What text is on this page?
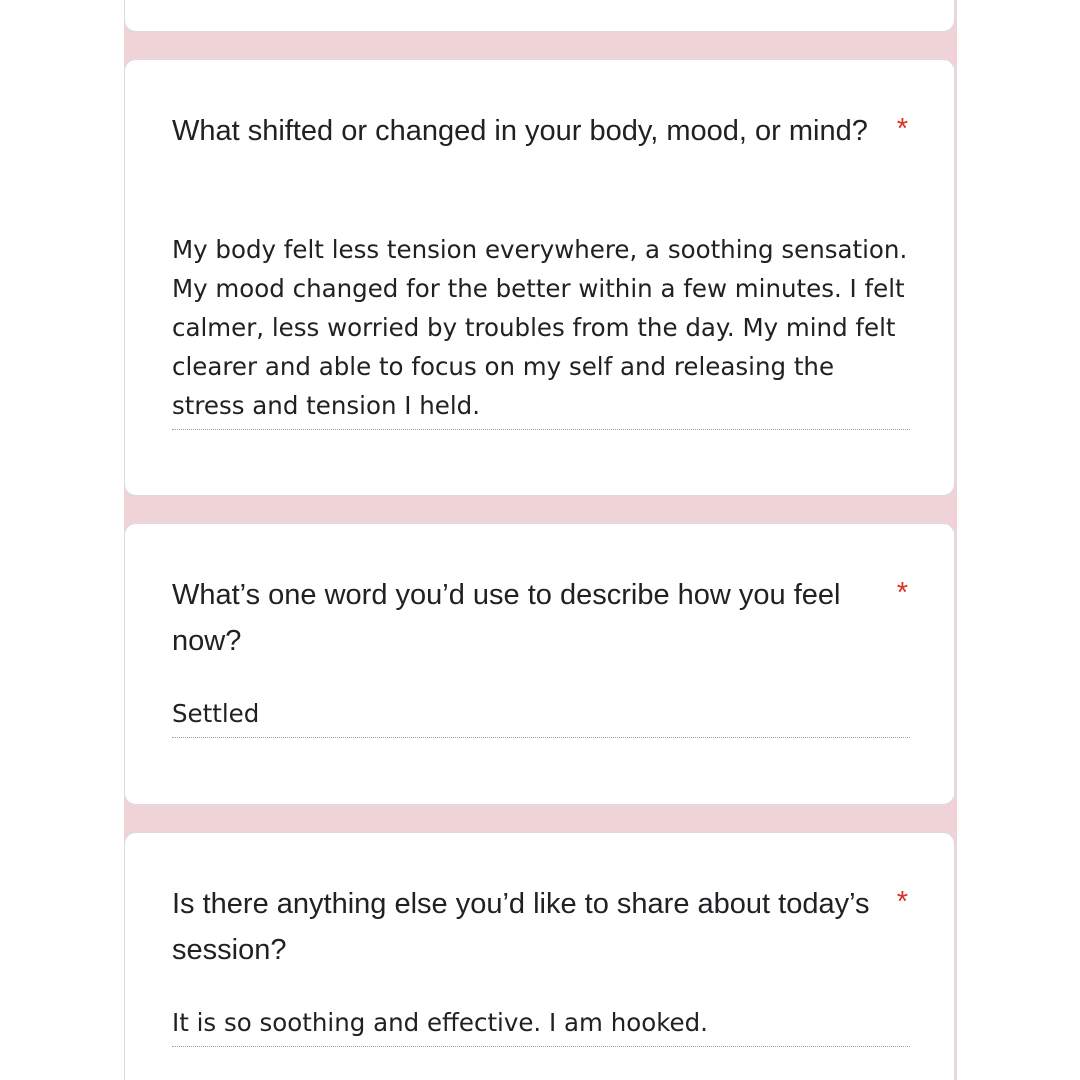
What shifted or changed in your body, mood, or mind? *
My body felt less tension everywhere, a soothing sensation. My mood changed for the better within a few minutes. I felt calmer, less worried by troubles from the day. My mind felt clearer and able to focus on my self and releasing the stress and tension I held.
What’s one word you’d use to describe how you feel now?
*
Settled
Is there anything else you’d like to share about today’s session?
*
It is so soothing and effective. I am hooked.
